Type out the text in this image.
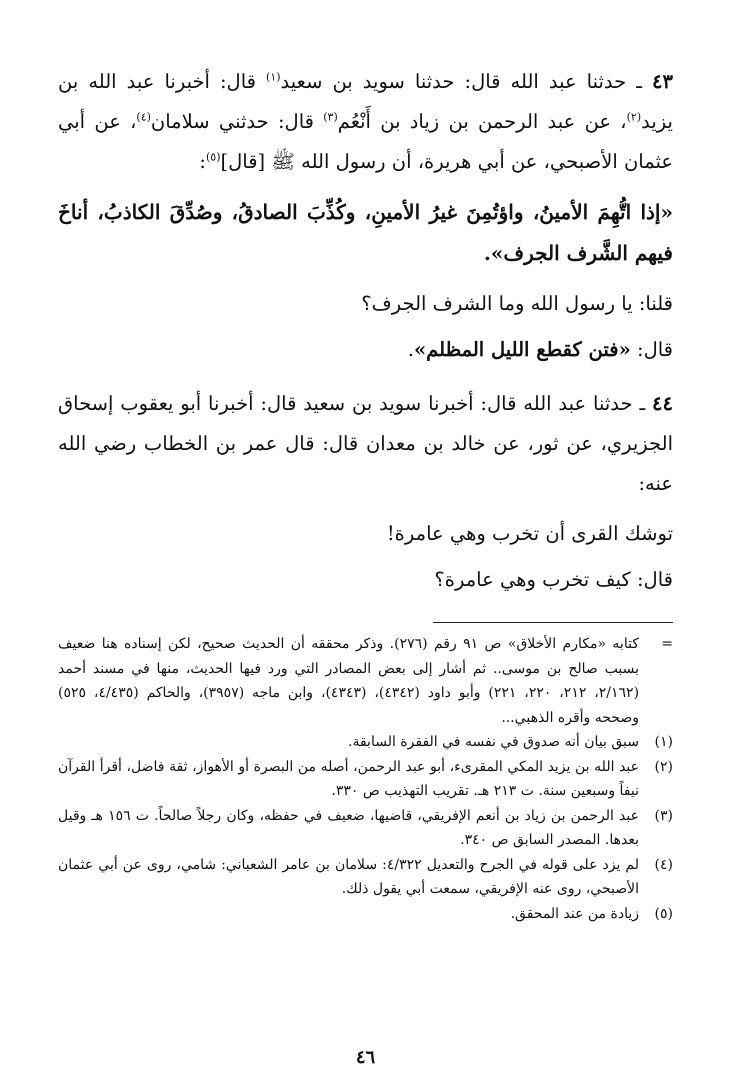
٤٣ ـ حدثنا عبد الله قال: حدثنا سويد بن سعيد$^{(١)}$ قال: أخبرنا عبد الله بن يزيد$^{(٢)}$، عن عبد الرحمن بن زياد بن أَنْعُم$^{(٣)}$ قال: حدثني سلامان$^{(٤)}$، عن أبي عثمان الأصبحي، عن أبي هريرة، أن رسول الله ﷺ [قال]$^{(٥)}$:

«إذا اتُّهِمَ الأمينُ، واؤتُمِنَ غيرُ الأمينِ، وكُذِّبَ الصادقُ، وصُدِّقَ الكاذبُ، أناخَ فيهم الشَّرف الجرف».

قلنا: يا رسول الله وما الشرف الجرف؟

قال: «فتن كقطع الليل المظلم».

٤٤ ـ حدثنا عبد الله قال: أخبرنا سويد بن سعيد قال: أخبرنا أبو يعقوب إسحاق الجزيري، عن ثور، عن خالد بن معدان قال: قال عمر بن الخطاب رضي الله عنه:

توشك القرى أن تخرب وهي عامرة!

قال: كيف تخرب وهي عامرة؟

=
كتابه «مكارم الأخلاق» ص ٩١ رقم (٢٧٦). وذكر محققه أن الحديث صحيح، لكن إسناده هنا ضعيف بسبب صالح بن موسى.. ثم أشار إلى بعض المصادر التي ورد فيها الحديث، منها في مسند أحمد (٢/١٦٢، ٢١٢، ٢٢٠، ٢٢١) وأبو داود (٤٣٤٢)، (٤٣٤٣)، وابن ماجه (٣٩٥٧)، والحاكم (٤/٤٣٥، ٥٢٥) وصححه وأقره الذهبي...
(١)
سبق بيان أنه صدوق في نفسه في الفقرة السابقة.
(٢)
عبد الله بن يزيد المكي المقرىء، أبو عبد الرحمن، أصله من البصرة أو الأهواز، ثقة فاضل، أقرأ القرآن نيفاً وسبعين سنة. ت ٢١٣ هـ. تقريب التهذيب ص ٣٣٠.
(٣)
عبد الرحمن بن زياد بن أنعم الإفريقي، قاضيها، ضعيف في حفظه، وكان رجلاً صالحاً. ت ١٥٦ هـ وقيل بعدها. المصدر السابق ص ٣٤٠.
(٤)
لم يزد على قوله في الجرح والتعديل ٤/٣٢٢: سلامان بن عامر الشعباني: شامي، روى عن أبي عثمان الأصبحي، روى عنه الإفريقي، سمعت أبي يقول ذلك.
(٥)
زيادة من عند المحقق.
٤٦
